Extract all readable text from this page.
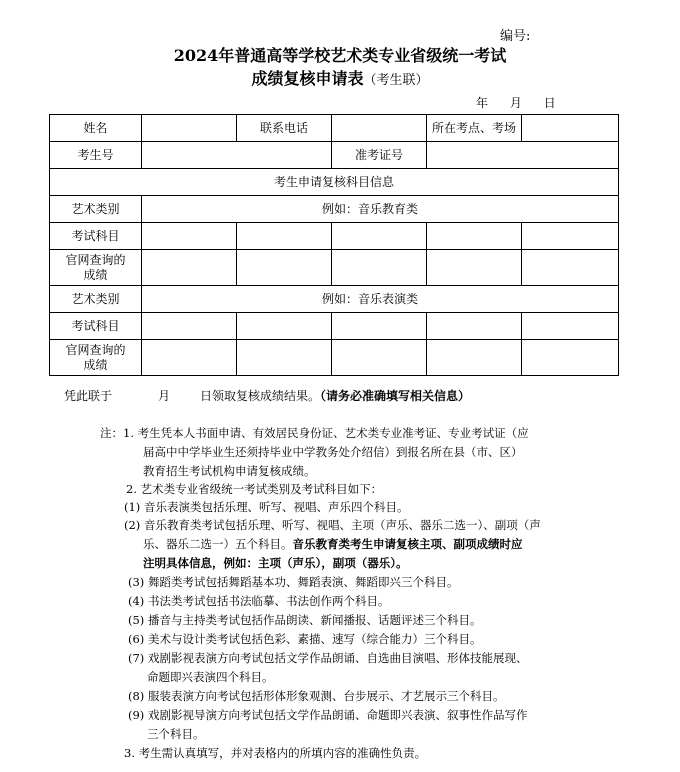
编号:
2024年普通高等学校艺术类专业省级统一考试
成绩复核申请表（考生联）
年 月 日
姓名		联系电话		所在考点、考场	
考生号			准考证号		
考生申请复核科目信息					
艺术类别	例如：音乐教育类				
考试科目					
官网查询的
成绩					
艺术类别	例如：音乐表演类				
考试科目					
官网查询的
成绩					
凭此联于	月	日领取复核成绩结果。（请务必准确填写相关信息）
注：1. 考生凭本人书面申请、有效居民身份证、艺术类专业准考证、专业考试证（应
届高中中学毕业生还须持毕业中学教务处介绍信）到报名所在县（市、区）
教育招生考试机构申请复核成绩。
2. 艺术类专业省级统一考试类别及考试科目如下：
(1) 音乐表演类包括乐理、听写、视唱、声乐四个科目。
(2) 音乐教育类考试包括乐理、听写、视唱、主项（声乐、器乐二选一）、副项（声
乐、器乐二选一）五个科目。音乐教育类考生申请复核主项、副项成绩时应
注明具体信息，例如：主项（声乐），副项（器乐）。
(3) 舞蹈类考试包括舞蹈基本功、舞蹈表演、舞蹈即兴三个科目。
(4) 书法类考试包括书法临摹、书法创作两个科目。
(5) 播音与主持类考试包括作品朗读、新闻播报、话题评述三个科目。
(6) 美术与设计类考试包括色彩、素描、速写（综合能力）三个科目。
(7) 戏剧影视表演方向考试包括文学作品朗诵、自选曲目演唱、形体技能展现、
命题即兴表演四个科目。
(8) 服装表演方向考试包括形体形象观测、台步展示、才艺展示三个科目。
(9) 戏剧影视导演方向考试包括文学作品朗诵、命题即兴表演、叙事性作品写作
三个科目。
3. 考生需认真填写，并对表格内的所填内容的准确性负责。
